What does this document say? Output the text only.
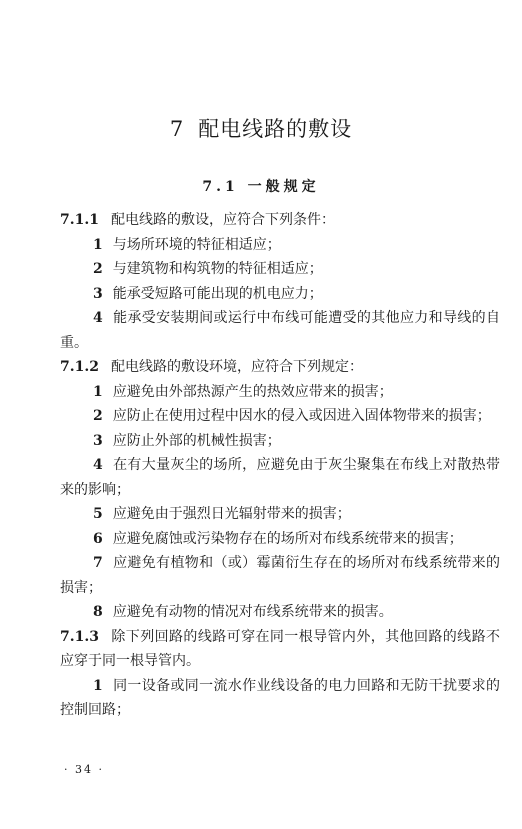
7 配电线路的敷设
7.1 一般规定

7.1.1 配电线路的敷设，应符合下列条件：

1 与场所环境的特征相适应；

2 与建筑物和构筑物的特征相适应；

3 能承受短路可能出现的机电应力；

4 能承受安装期间或运行中布线可能遭受的其他应力和导线的自重。

7.1.2 配电线路的敷设环境，应符合下列规定：

1 应避免由外部热源产生的热效应带来的损害；

2 应防止在使用过程中因水的侵入或因进入固体物带来的损害；

3 应防止外部的机械性损害；

4 在有大量灰尘的场所，应避免由于灰尘聚集在布线上对散热带来的影响；

5 应避免由于强烈日光辐射带来的损害；

6 应避免腐蚀或污染物存在的场所对布线系统带来的损害；

7 应避免有植物和（或）霉菌衍生存在的场所对布线系统带来的损害；

8 应避免有动物的情况对布线系统带来的损害。

7.1.3 除下列回路的线路可穿在同一根导管内外，其他回路的线路不应穿于同一根导管内。

1 同一设备或同一流水作业线设备的电力回路和无防干扰要求的控制回路；

· 34 ·
